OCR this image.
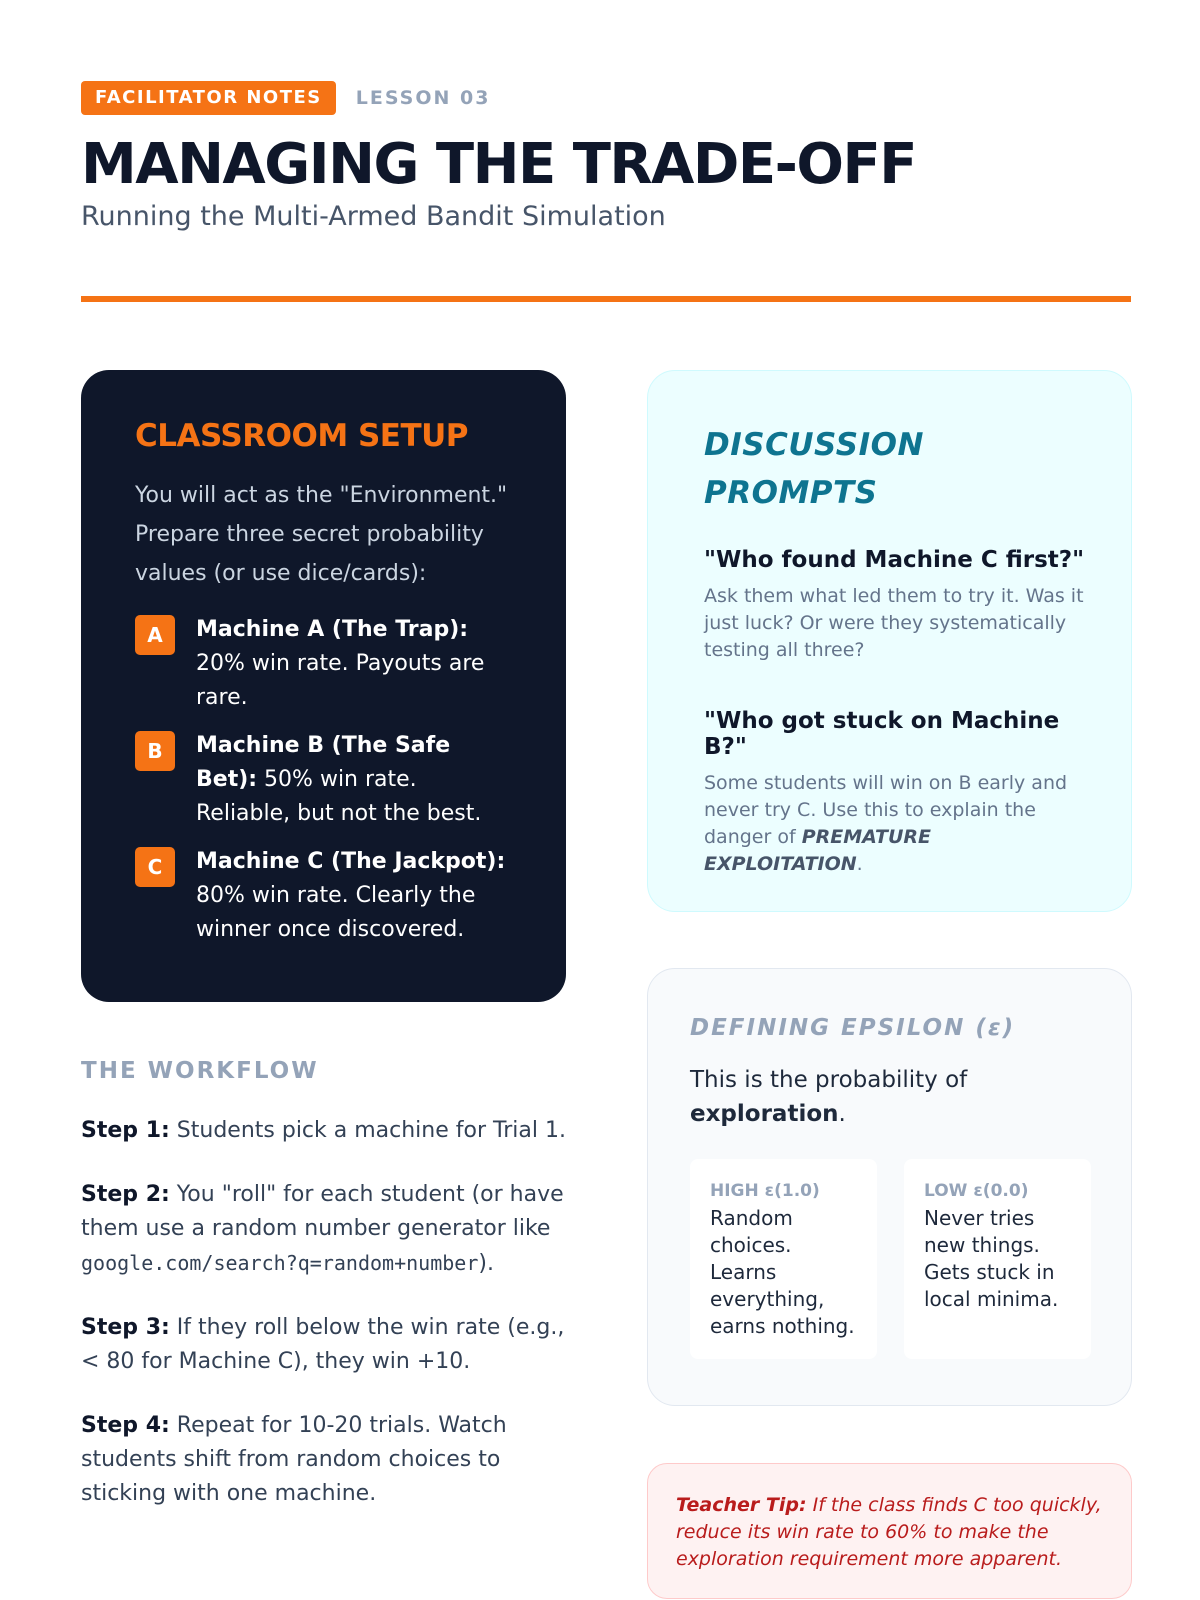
FACILITATOR NOTES	LESSON 03
MANAGING THE TRADE-OFF
Running the Multi-Armed Bandit Simulation
CLASSROOM SETUP

You will act as the "Environment." Prepare three secret probability values (or use dice/cards):

A	Machine A (The Trap): 20% win rate. Payouts are rare.
B	Machine B (The Safe Bet): 50% win rate. Reliable, but not the best.
C	Machine C (The Jackpot): 80% win rate. Clearly the winner once discovered.
THE WORKFLOW

Step 1: Students pick a machine for Trial 1.

Step 2: You "roll" for each student (or have them use a random number generator like google.com/search?q=random+number).

Step 3: If they roll below the win rate (e.g., < 80 for Machine C), they win +10.

Step 4: Repeat for 10-20 trials. Watch students shift from random choices to sticking with one machine.

DISCUSSION
PROMPTS
"Who found Machine C first?"

Ask them what led them to try it. Was it just luck? Or were they systematically testing all three?

"Who got stuck on Machine B?"

Some students will win on B early and never try C. Use this to explain the danger of PREMATURE EXPLOITATION.

DEFINING EPSILON (ε)

This is the probability of exploration.

HIGH ε(1.0)
Random choices. Learns everything, earns nothing.
LOW ε(0.0)
Never tries new things. Gets stuck in local minima.
Teacher Tip: If the class finds C too quickly, reduce its win rate to 60% to make the exploration requirement more apparent.
